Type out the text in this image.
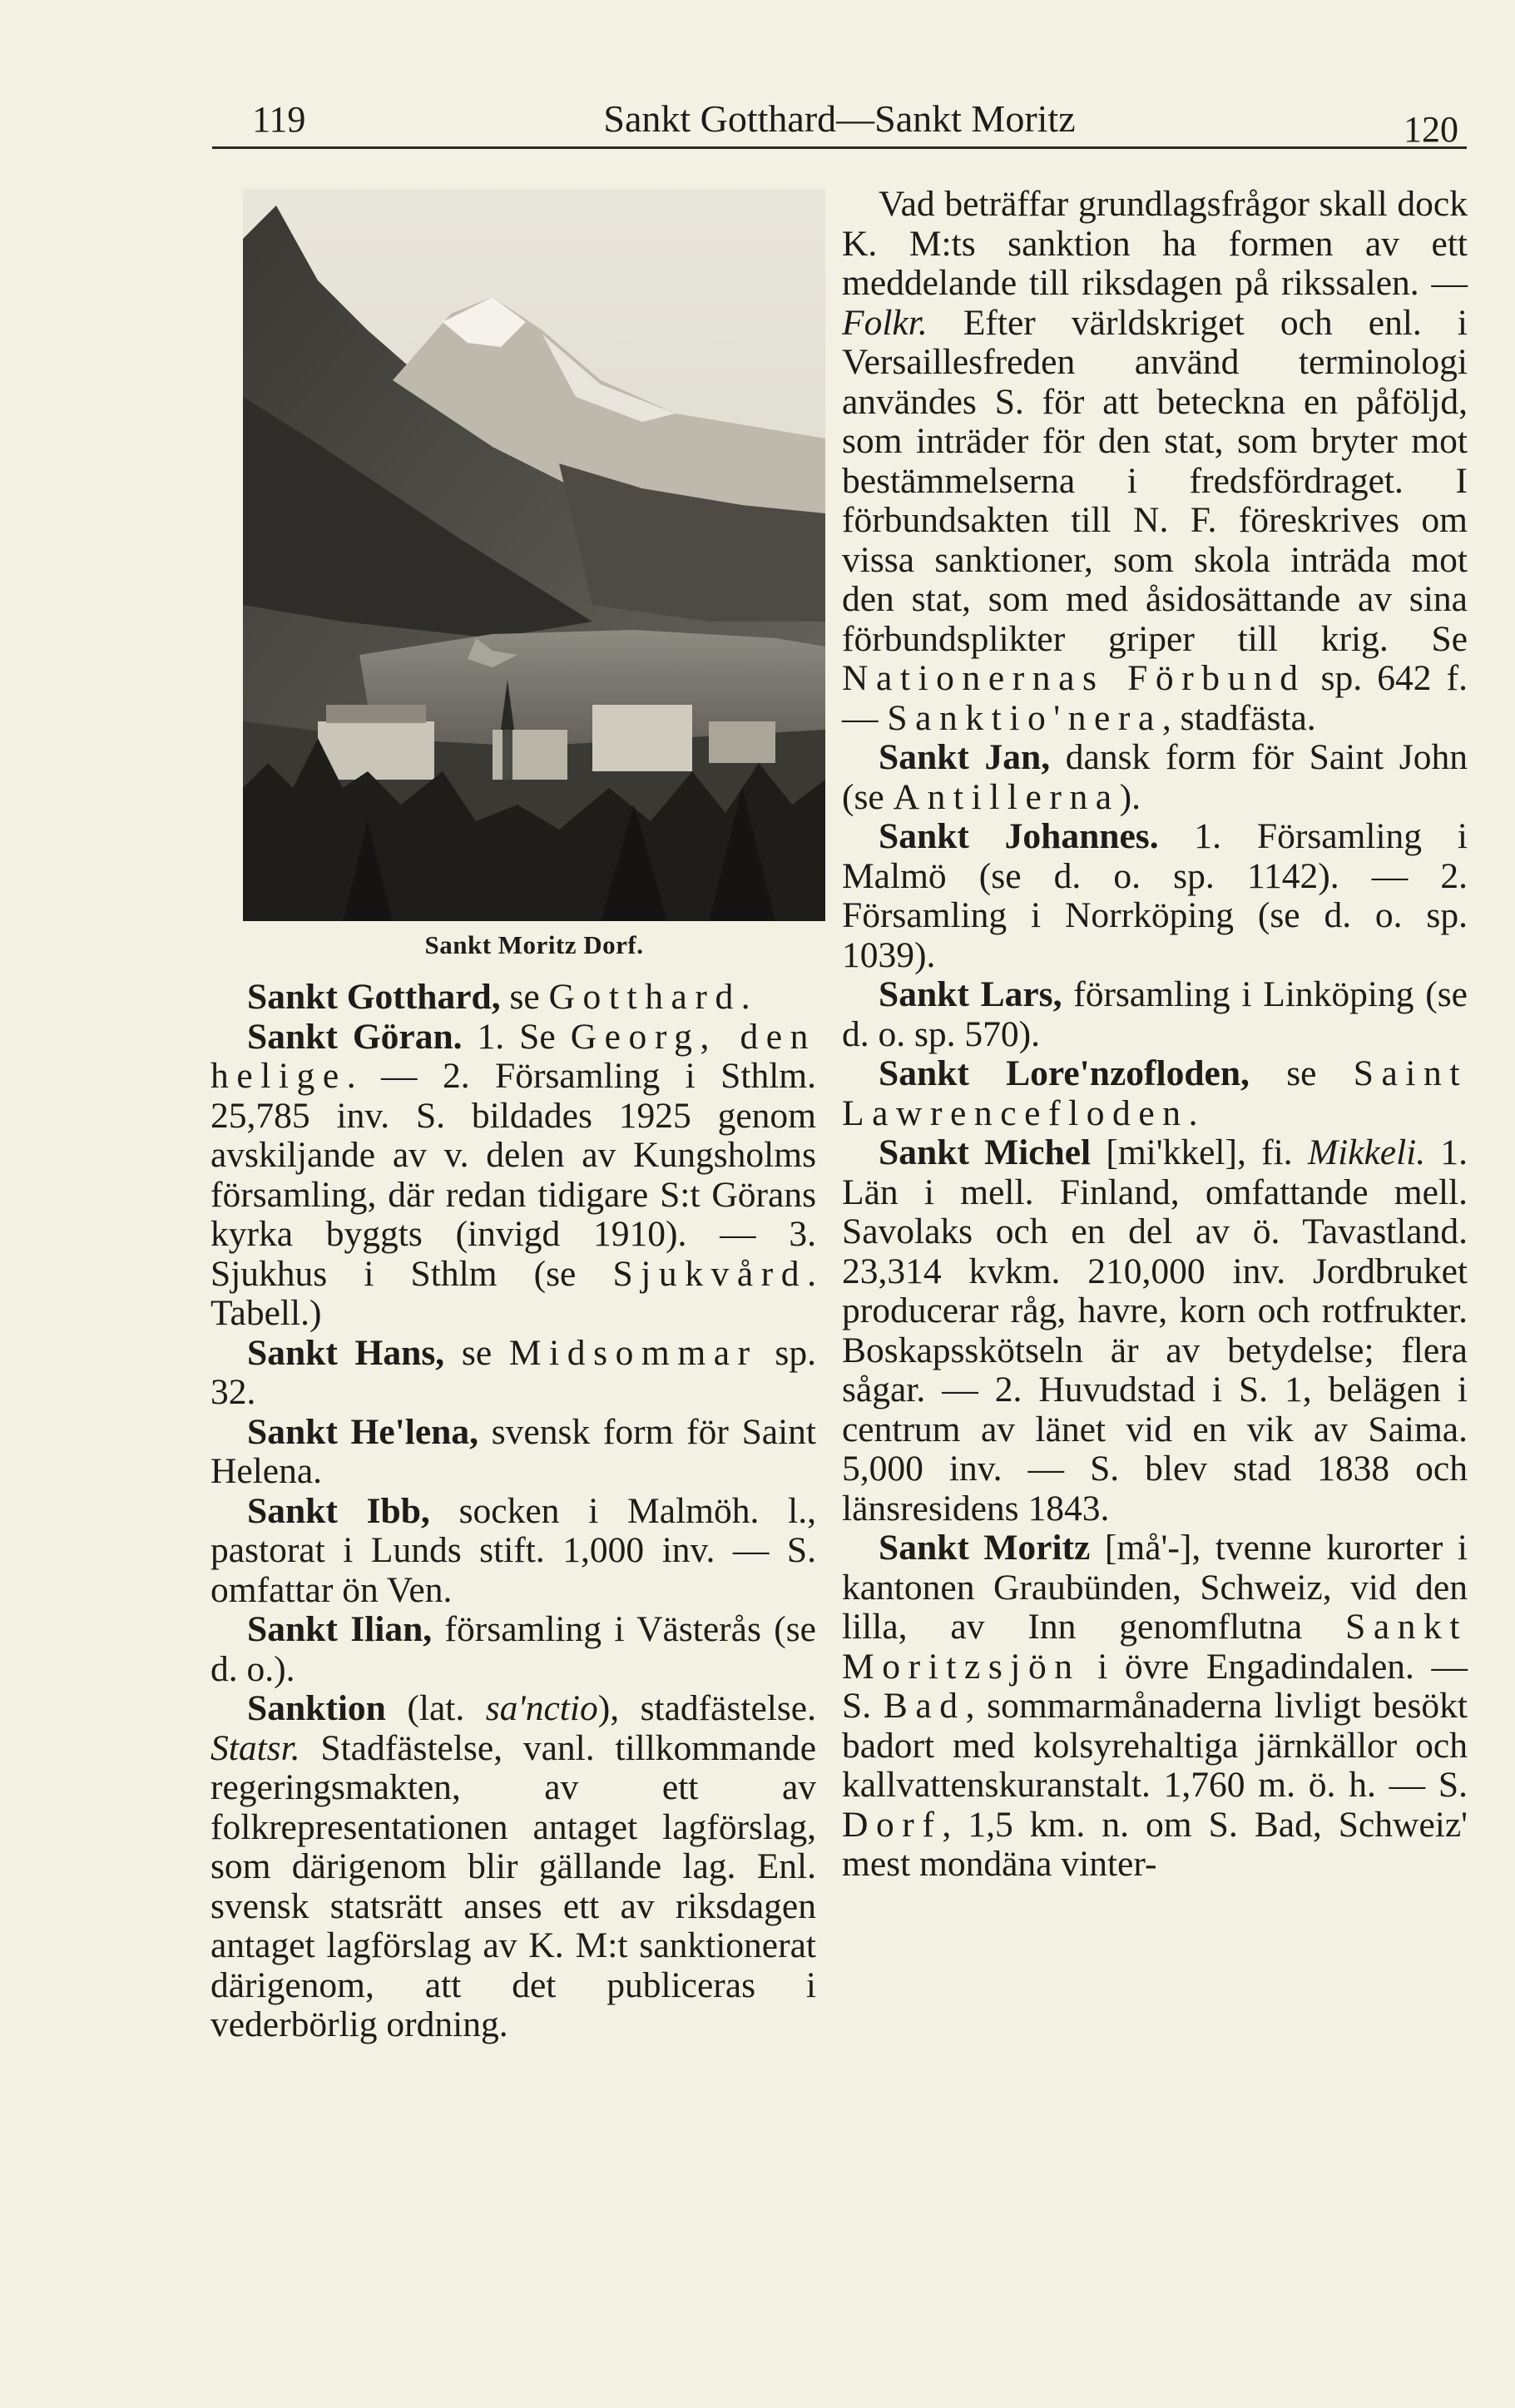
119	Sankt Gotthard—Sankt Moritz	120
Sankt Moritz Dorf.

Sankt Gotthard, se Gotthard.

Sankt Göran. 1. Se Georg, den helige. — 2. Församling i Sthlm. 25,785 inv. S. bildades 1925 genom avskiljande av v. delen av Kungsholms församling, där redan tidigare S:t Görans kyrka byggts (invigd 1910). — 3. Sjukhus i Sthlm (se Sjukvård. Tabell.)

Sankt Hans, se Midsommar sp. 32.

Sankt He'lena, svensk form för Saint Helena.

Sankt Ibb, socken i Malmöh. l., pastorat i Lunds stift. 1,000 inv. — S. omfattar ön Ven.

Sankt Ilian, församling i Västerås (se d. o.).

Sanktion (lat. sa'nctio), stadfästelse. Statsr. Stadfästelse, vanl. tillkommande regeringsmakten, av ett av folkrepresentationen antaget lagförslag, som därigenom blir gällande lag. Enl. svensk statsrätt anses ett av riksdagen antaget lagförslag av K. M:t sanktionerat därigenom, att det publiceras i vederbörlig ordning.

Vad beträffar grundlagsfrågor skall dock K. M:ts sanktion ha formen av ett meddelande till riksdagen på rikssalen. — Folkr. Efter världskriget och enl. i Versaillesfreden använd terminologi användes S. för att beteckna en påföljd, som inträder för den stat, som bryter mot bestämmelserna i fredsfördraget. I förbundsakten till N. F. föreskrives om vissa sanktioner, som skola inträda mot den stat, som med åsidosättande av sina förbundsplikter griper till krig. Se Nationernas Förbund sp. 642 f. — Sanktio'nera, stadfästa.

Sankt Jan, dansk form för Saint John (se Antillerna).

Sankt Johannes. 1. Församling i Malmö (se d. o. sp. 1142). — 2. Församling i Norrköping (se d. o. sp. 1039).

Sankt Lars, församling i Linköping (se d. o. sp. 570).

Sankt Lore'nzofloden, se Saint Lawrencefloden.

Sankt Michel [mi'kkel], fi. Mikkeli. 1. Län i mell. Finland, omfattande mell. Savolaks och en del av ö. Tavastland. 23,314 kvkm. 210,000 inv. Jordbruket producerar råg, havre, korn och rotfrukter. Boskapsskötseln är av betydelse; flera sågar. — 2. Huvudstad i S. 1, belägen i centrum av länet vid en vik av Saima. 5,000 inv. — S. blev stad 1838 och länsresidens 1843.

Sankt Moritz [må'-], tvenne kurorter i kantonen Graubünden, Schweiz, vid den lilla, av Inn genomflutna Sankt Moritzsjön i övre Engadindalen. — S. Bad, sommarmånaderna livligt besökt badort med kolsyrehaltiga järnkällor och kallvattenskuranstalt. 1,760 m. ö. h. — S. Dorf, 1,5 km. n. om S. Bad, Schweiz' mest mondäna vinter-
